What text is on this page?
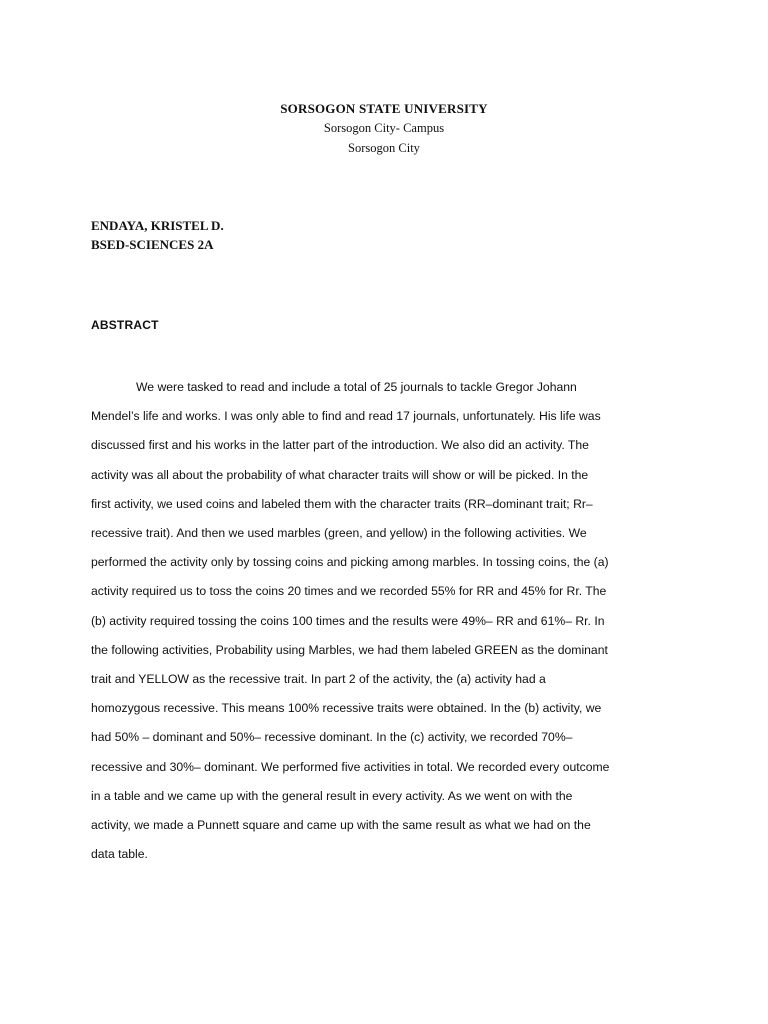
SORSOGON STATE UNIVERSITY
Sorsogon City- Campus
Sorsogon City
ENDAYA, KRISTEL D.
BSED-SCIENCES 2A
ABSTRACT
We were tasked to read and include a total of 25 journals to tackle Gregor Johann
Mendel’s life and works. I was only able to find and read 17 journals, unfortunately. His life was
discussed first and his works in the latter part of the introduction. We also did an activity. The
activity was all about the probability of what character traits will show or will be picked. In the
first activity, we used coins and labeled them with the character traits (RR–dominant trait; Rr–
recessive trait). And then we used marbles (green, and yellow) in the following activities. We
performed the activity only by tossing coins and picking among marbles. In tossing coins, the (a)
activity required us to toss the coins 20 times and we recorded 55% for RR and 45% for Rr. The
(b) activity required tossing the coins 100 times and the results were 49%– RR and 61%– Rr. In
the following activities, Probability using Marbles, we had them labeled GREEN as the dominant
trait and YELLOW as the recessive trait. In part 2 of the activity, the (a) activity had a
homozygous recessive. This means 100% recessive traits were obtained. In the (b) activity, we
had 50% – dominant and 50%– recessive dominant. In the (c) activity, we recorded 70%–
recessive and 30%– dominant. We performed five activities in total. We recorded every outcome
in a table and we came up with the general result in every activity. As we went on with the
activity, we made a Punnett square and came up with the same result as what we had on the
data table.
